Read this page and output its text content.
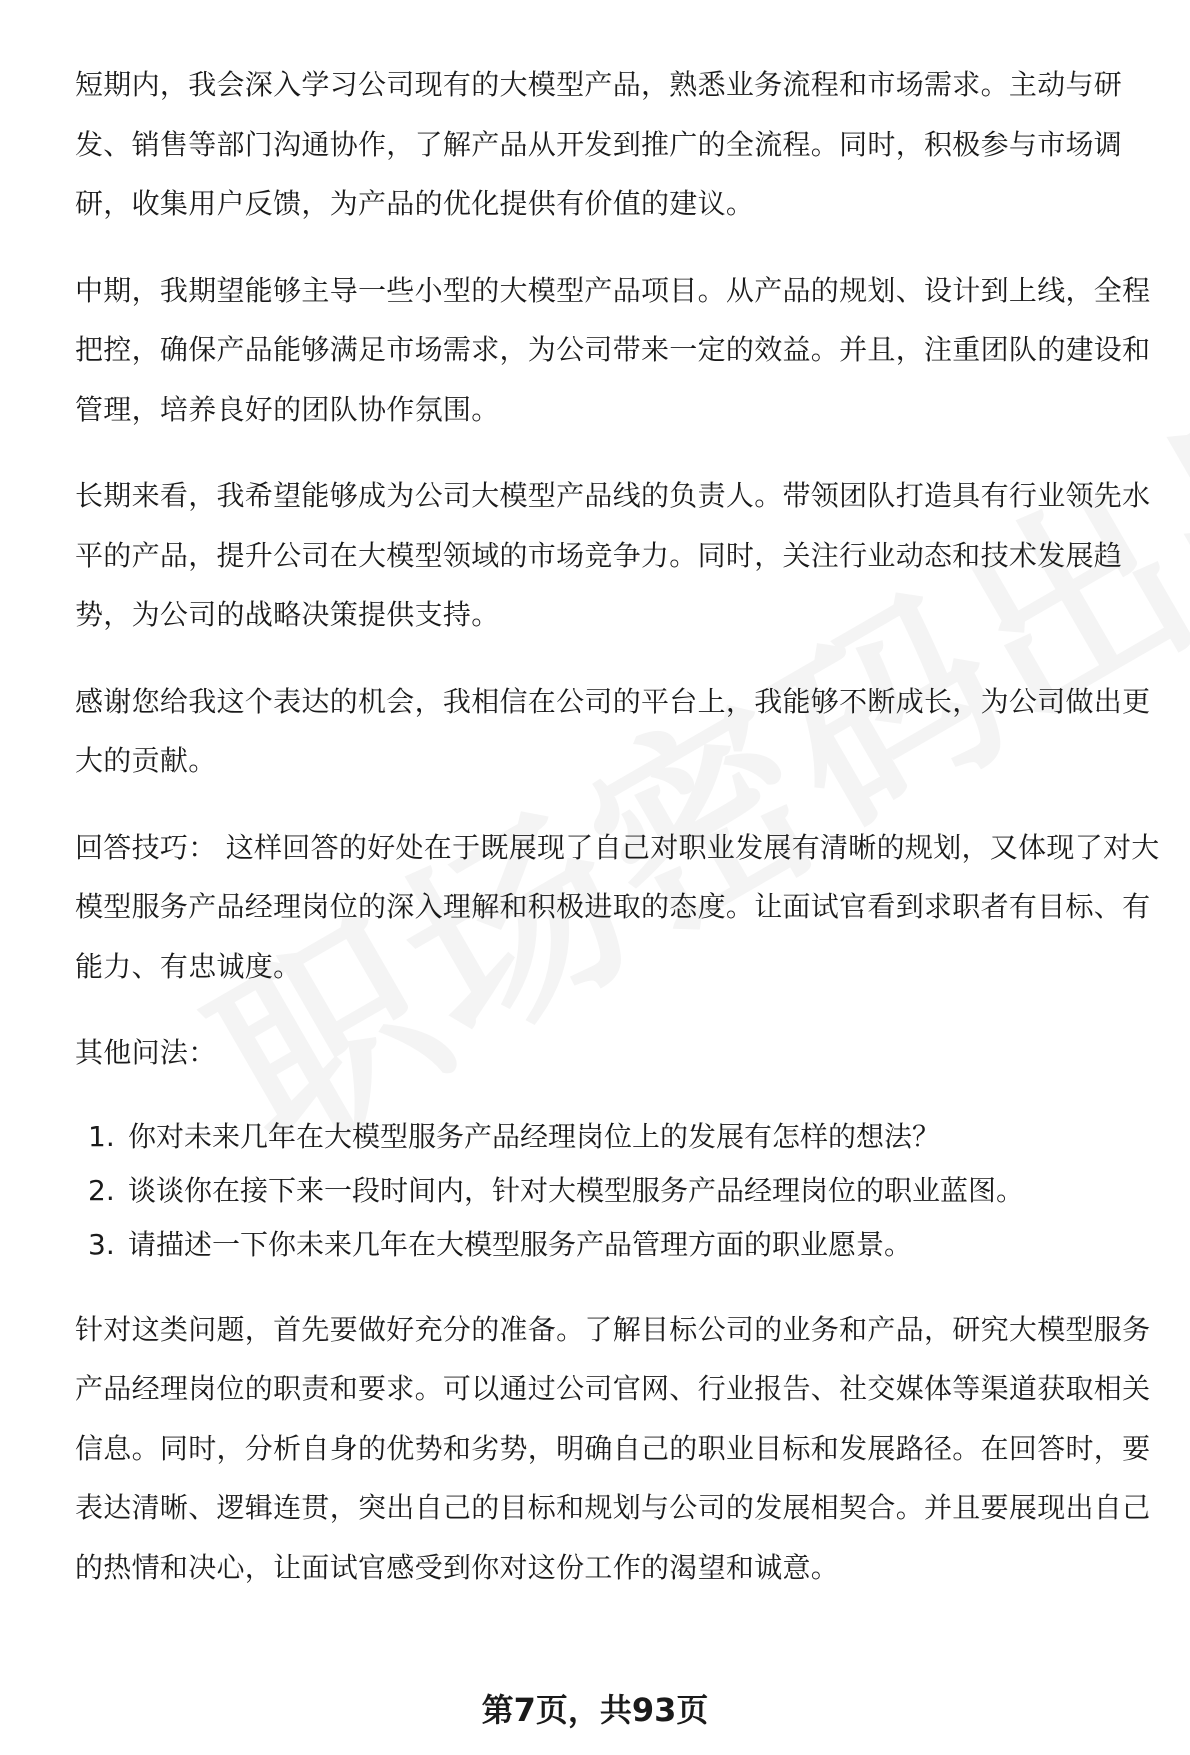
短期内，我会深入学习公司现有的大模型产品，熟悉业务流程和市场需求。主动与研发、销售等部门沟通协作，了解产品从开发到推广的全流程。同时，积极参与市场调研，收集用户反馈，为产品的优化提供有价值的建议。

中期，我期望能够主导一些小型的大模型产品项目。从产品的规划、设计到上线，全程把控，确保产品能够满足市场需求，为公司带来一定的效益。并且，注重团队的建设和管理，培养良好的团队协作氛围。

长期来看，我希望能够成为公司大模型产品线的负责人。带领团队打造具有行业领先水平的产品，提升公司在大模型领域的市场竞争力。同时，关注行业动态和技术发展趋势，为公司的战略决策提供支持。

感谢您给我这个表达的机会，我相信在公司的平台上，我能够不断成长，为公司做出更大的贡献。

回答技巧： 这样回答的好处在于既展现了自己对职业发展有清晰的规划，又体现了对大模型服务产品经理岗位的深入理解和积极进取的态度。让面试官看到求职者有目标、有能力、有忠诚度。

其他问法：

1. 你对未来几年在大模型服务产品经理岗位上的发展有怎样的想法？
2. 谈谈你在接下来一段时间内，针对大模型服务产品经理岗位的职业蓝图。
3. 请描述一下你未来几年在大模型服务产品管理方面的职业愿景。

针对这类问题，首先要做好充分的准备。了解目标公司的业务和产品，研究大模型服务产品经理岗位的职责和要求。可以通过公司官网、行业报告、社交媒体等渠道获取相关信息。同时，分析自身的优势和劣势，明确自己的职业目标和发展路径。在回答时，要表达清晰、逻辑连贯，突出自己的目标和规划与公司的发展相契合。并且要展现出自己的热情和决心，让面试官感受到你对这份工作的渴望和诚意。

第7页，共93页
